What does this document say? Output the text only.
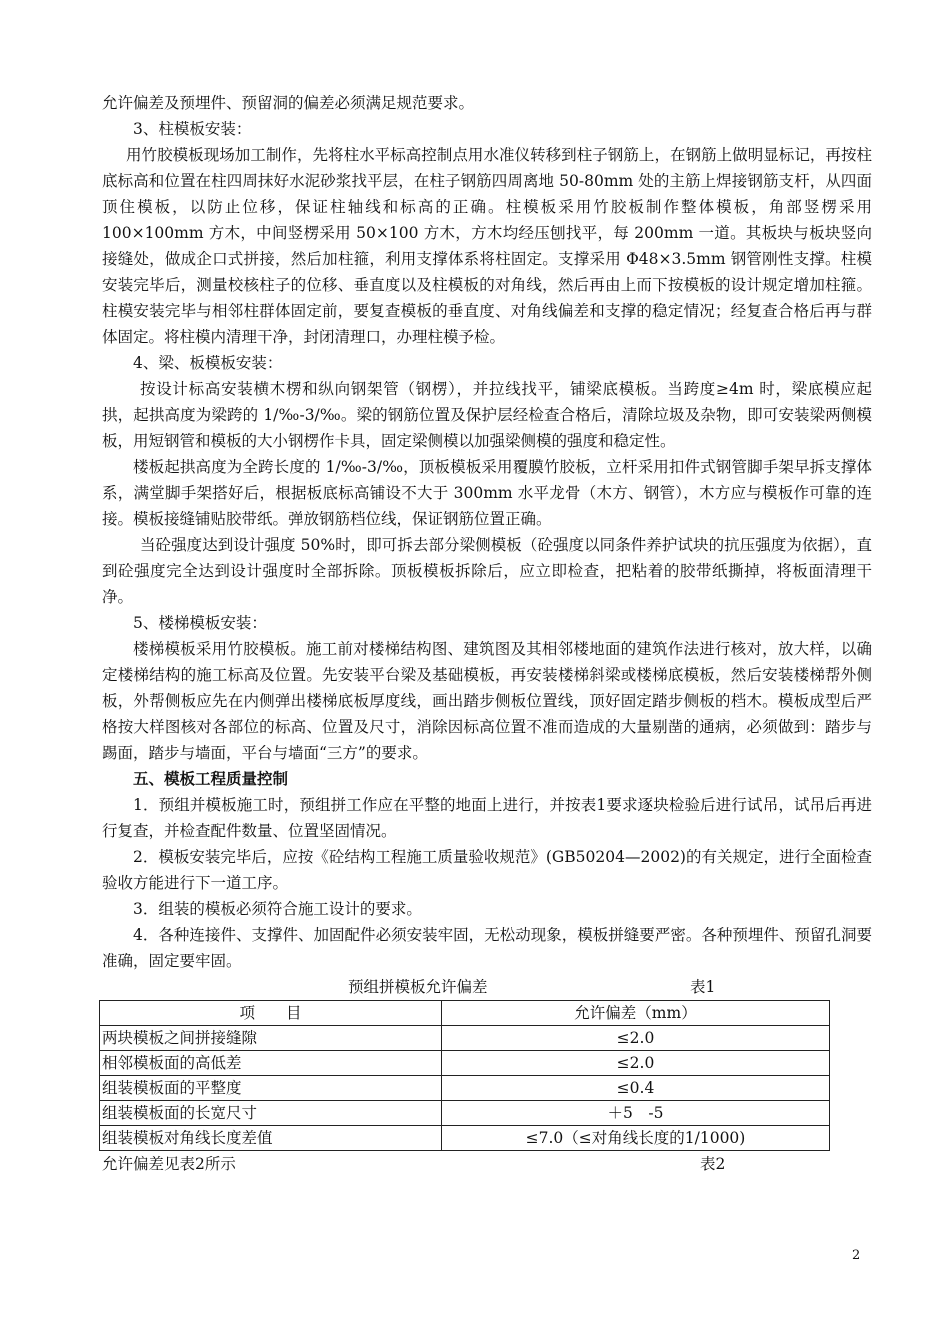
允许偏差及预埋件、预留洞的偏差必须满足规范要求。

3、柱模板安装：

用竹胶模板现场加工制作，先将柱水平标高控制点用水准仪转移到柱子钢筋上，在钢筋上做明显标记，再按柱底标高和位置在柱四周抹好水泥砂浆找平层，在柱子钢筋四周离地 50-80mm 处的主筋上焊接钢筋支杆，从四面顶住模板，以防止位移，保证柱轴线和标高的正确。柱模板采用竹胶板制作整体模板，角部竖楞采用 100×100mm 方木，中间竖楞采用 50×100 方木，方木均经压刨找平，每 200mm 一道。其板块与板块竖向接缝处，做成企口式拼接，然后加柱箍，利用支撑体系将柱固定。支撑采用 Φ48×3.5mm 钢管刚性支撑。柱模安装完毕后，测量校核柱子的位移、垂直度以及柱模板的对角线，然后再由上而下按模板的设计规定增加柱箍。柱模安装完毕与相邻柱群体固定前，要复查模板的垂直度、对角线偏差和支撑的稳定情况；经复查合格后再与群体固定。将柱模内清理干净，封闭清理口，办理柱模予检。

4、梁、板模板安装：

按设计标高安装横木楞和纵向钢架管（钢楞），并拉线找平，铺梁底模板。当跨度≥4m 时，梁底模应起拱，起拱高度为梁跨的 1/‰-3/‰。梁的钢筋位置及保护层经检查合格后，清除垃圾及杂物，即可安装梁两侧模板，用短钢管和模板的大小钢楞作卡具，固定梁侧模以加强梁侧模的强度和稳定性。

楼板起拱高度为全跨长度的 1/‰-3/‰，顶板模板采用覆膜竹胶板，立杆采用扣件式钢管脚手架早拆支撑体系，满堂脚手架搭好后，根据板底标高铺设不大于 300mm 水平龙骨（木方、钢管），木方应与模板作可靠的连接。模板接缝铺贴胶带纸。弹放钢筋档位线，保证钢筋位置正确。

当砼强度达到设计强度 50%时，即可拆去部分梁侧模板（砼强度以同条件养护试块的抗压强度为依据），直到砼强度完全达到设计强度时全部拆除。顶板模板拆除后，应立即检查，把粘着的胶带纸撕掉，将板面清理干净。

5、楼梯模板安装：

楼梯模板采用竹胶模板。施工前对楼梯结构图、建筑图及其相邻楼地面的建筑作法进行核对，放大样，以确定楼梯结构的施工标高及位置。先安装平台梁及基础模板，再安装楼梯斜梁或楼梯底模板，然后安装楼梯帮外侧板，外帮侧板应先在内侧弹出楼梯底板厚度线，画出踏步侧板位置线，顶好固定踏步侧板的档木。模板成型后严格按大样图核对各部位的标高、位置及尺寸，消除因标高位置不准而造成的大量剔凿的通病，必须做到：踏步与踢面，踏步与墙面，平台与墙面“三方”的要求。

五、模板工程质量控制

1．预组并模板施工时，预组拼工作应在平整的地面上进行，并按表1要求逐块检验后进行试吊，试吊后再进行复查，并检查配件数量、位置坚固情况。

2．模板安装完毕后，应按《砼结构工程施工质量验收规范》(GB50204—2002)的有关规定，进行全面检查验收方能进行下一道工序。

3．组装的模板必须符合施工设计的要求。

4．各种连接件、支撑件、加固配件必须安装牢固，无松动现象，模板拼缝要严密。各种预埋件、预留孔洞要准确，固定要牢固。

预组拼模板允许偏差	表1
项　　目	允许偏差（mm）
两块模板之间拼接缝隙	≤2.0
相邻模板面的高低差	≤2.0
组装模板面的平整度	≤0.4
组装模板面的长宽尺寸	＋5　-5
组装模板对角线长度差值	≤7.0（≤对角线长度的1/1000)
允许偏差见表2所示	表2
2
